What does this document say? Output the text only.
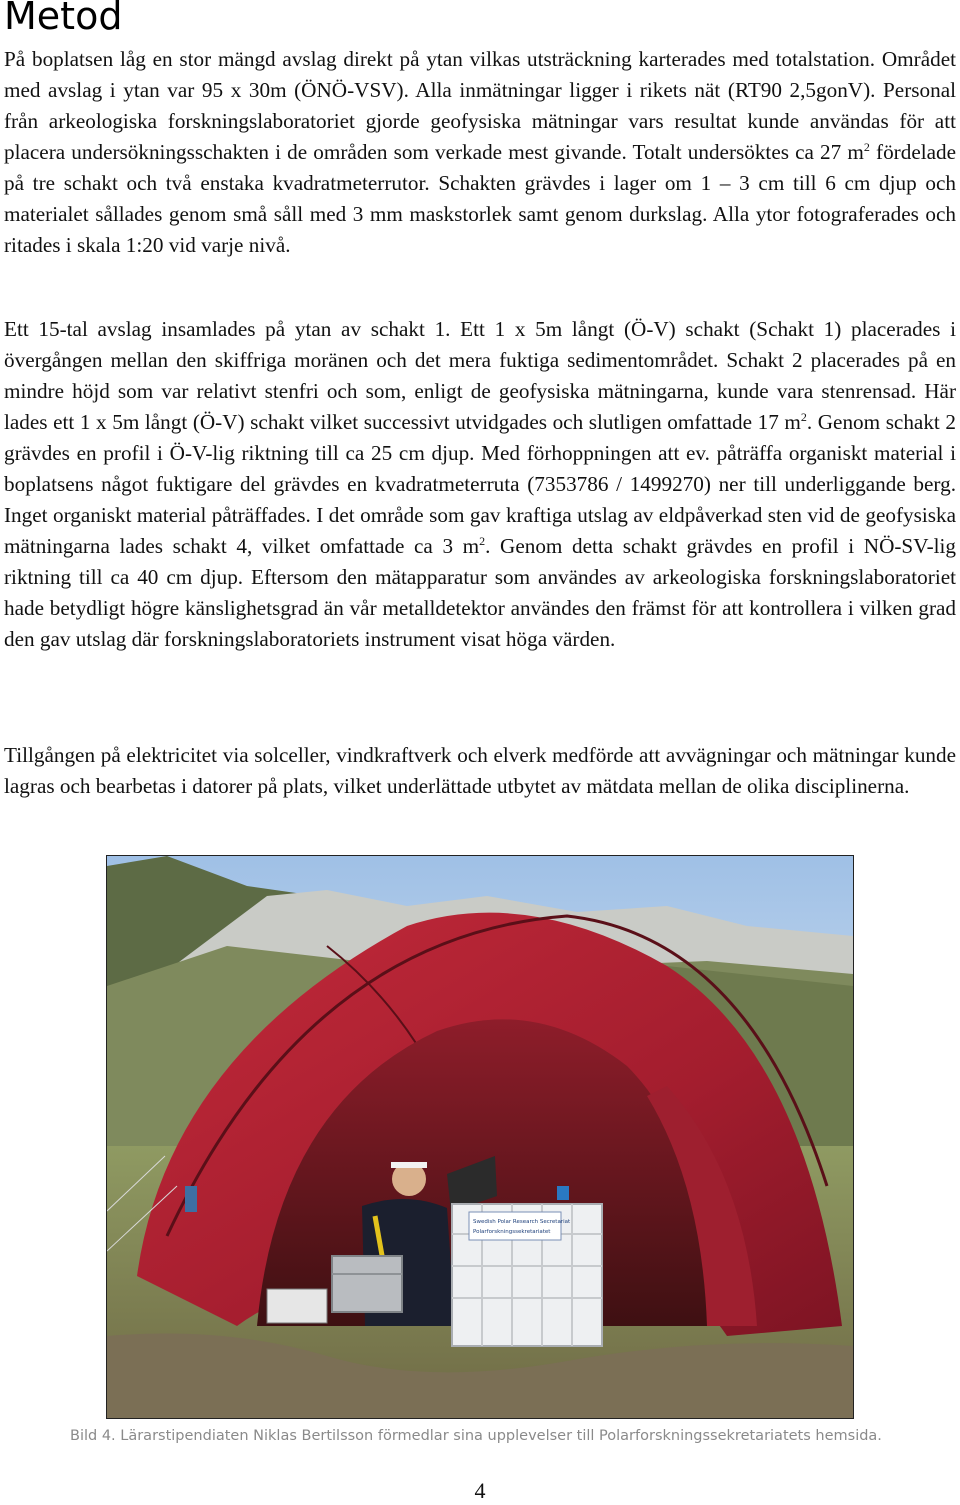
Metod

På boplatsen låg en stor mängd avslag direkt på ytan vilkas utsträckning karterades med totalstation. Området med avslag i ytan var 95 x 30m (ÖNÖ-VSV). Alla inmätningar ligger i rikets nät (RT90 2,5gonV). Personal från arkeologiska forskningslaboratoriet gjorde geofysiska mätningar vars resultat kunde användas för att placera undersökningsschakten i de områden som verkade mest givande. Totalt undersöktes ca 27 $m^2$ fördelade på tre schakt och två enstaka kvadratmeterrutor. Schakten grävdes i lager om 1 – 3 cm till 6 cm djup och materialet sållades genom små såll med 3 mm maskstorlek samt genom durkslag. Alla ytor fotograferades och ritades i skala 1:20 vid varje nivå.

Ett 15-tal avslag insamlades på ytan av schakt 1. Ett 1 x 5m långt (Ö-V) schakt (Schakt 1) placerades i övergången mellan den skiffriga moränen och det mera fuktiga sedimentområdet. Schakt 2 placerades på en mindre höjd som var relativt stenfri och som, enligt de geofysiska mätningarna, kunde vara stenrensad. Här lades ett 1 x 5m långt (Ö-V) schakt vilket successivt utvidgades och slutligen omfattade 17 $m^2$. Genom schakt 2 grävdes en profil i Ö-V-lig riktning till ca 25 cm djup. Med förhoppningen att ev. påträffa organiskt material i boplatsens något fuktigare del grävdes en kvadratmeterruta (7353786 / 1499270) ner till underliggande berg. Inget organiskt material påträffades. I det område som gav kraftiga utslag av eldpåverkad sten vid de geofysiska mätningarna lades schakt 4, vilket omfattade ca 3 $m^2$. Genom detta schakt grävdes en profil i NÖ-SV-lig riktning till ca 40 cm djup. Eftersom den mätapparatur som användes av arkeologiska forskningslaboratoriet hade betydligt högre känslighetsgrad än vår metalldetektor användes den främst för att kontrollera i vilken grad den gav utslag där forskningslaboratoriets instrument visat höga värden.

Tillgången på elektricitet via solceller, vindkraftverk och elverk medförde att avvägningar och mätningar kunde lagras och bearbetas i datorer på plats, vilket underlättade utbytet av mätdata mellan de olika disciplinerna.

Swedish Polar Research Secretariat
Polarforskningssekretariatet
Bild 4. Lärarstipendiaten Niklas Bertilsson förmedlar sina upplevelser till Polarforskningssekretariatets hemsida.
4
